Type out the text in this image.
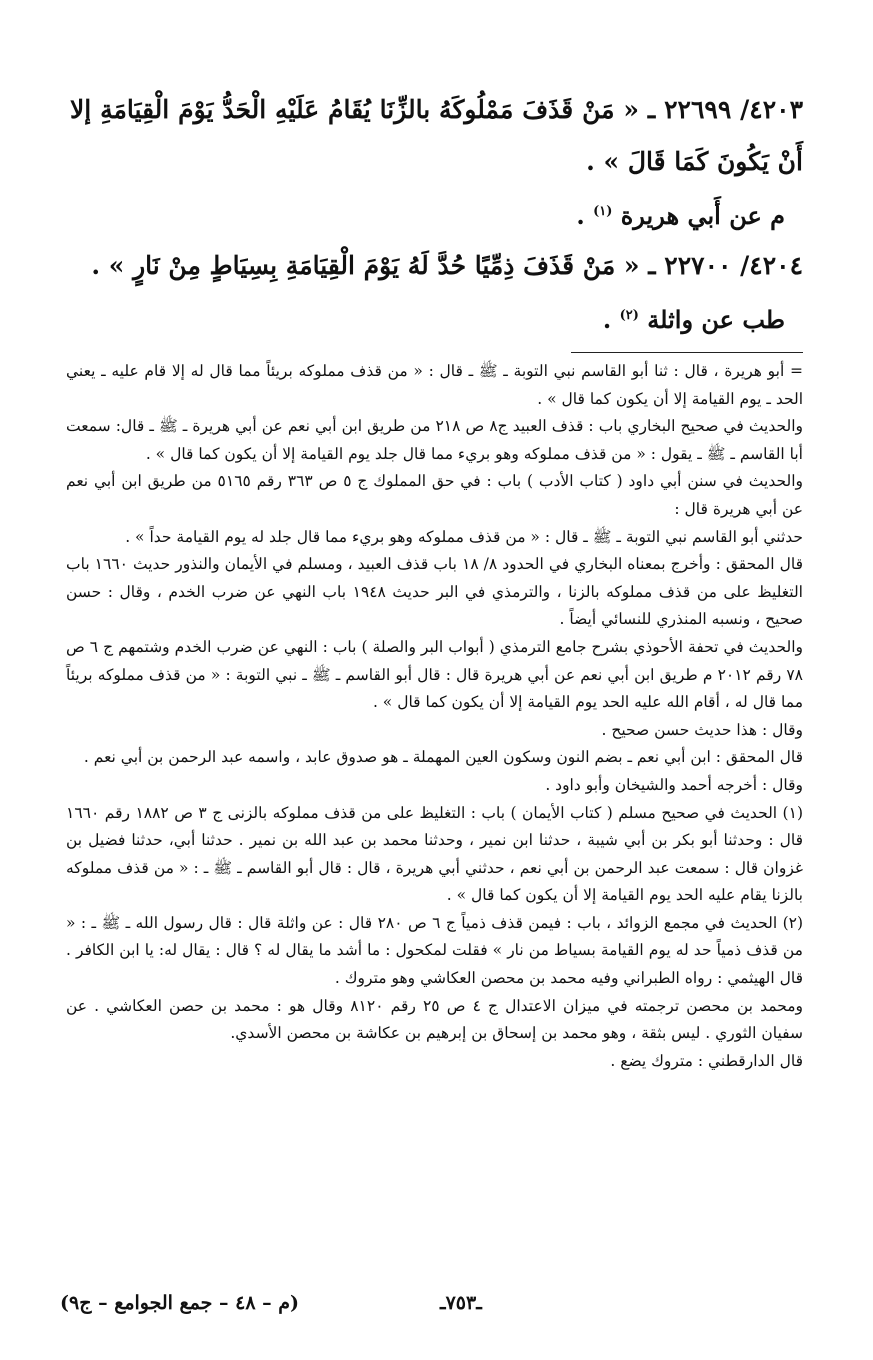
٤٢٠٣/ ٢٢٦٩٩ ـ « مَنْ قَذَفَ مَمْلُوكَهُ بالزِّنَا يُقَامُ عَلَيْهِ الْحَدُّ يَوْمَ الْقِيَامَةِ إلا أَنْ يَكُونَ كَمَا قَالَ » .

م عن أَبي هريرة $^{(١)}$ .

٤٢٠٤/ ٢٢٧٠٠ ـ « مَنْ قَذَفَ ذِمِّيًا حُدَّ لَهُ يَوْمَ الْقِيَامَةِ بِسِيَاطٍ مِنْ نَارٍ » .

طب عن واثلة $^{(٢)}$ .

= أبو هريرة ، قال : ثنا أبو القاسم نبي التوبة ـ ﷺ ـ قال : « من قذف مملوكه بريئاً مما قال له إلا قام عليه ـ يعني الحد ـ يوم القيامة إلا أن يكون كما قال » .

والحديث في صحيح البخاري باب : قذف العبيد ج٨ ص ٢١٨ من طريق ابن أبي نعم عن أبي هريرة ـ ﷺ ـ قال: سمعت أبا القاسم ـ ﷺ ـ يقول : « من قذف مملوكه وهو بريء مما قال جلد يوم القيامة إلا أن يكون كما قال » .

والحديث في سنن أبي داود ( كتاب الأدب ) باب : في حق المملوك ج ٥ ص ٣٦٣ رقم ٥١٦٥ من طريق ابن أبي نعم عن أبي هريرة قال :

حدثني أبو القاسم نبي التوبة ـ ﷺ ـ قال : « من قذف مملوكه وهو بريء مما قال جلد له يوم القيامة حداً » .

قال المحقق : وأخرج بمعناه البخاري في الحدود ٨/ ١٨ باب قذف العبيد ، ومسلم في الأيمان والنذور حديث ١٦٦٠ باب التغليظ على من قذف مملوكه بالزنا ، والترمذي في البر حديث ١٩٤٨ باب النهي عن ضرب الخدم ، وقال : حسن صحيح ، ونسبه المنذري للنسائي أيضاً .

والحديث في تحفة الأحوذي بشرح جامع الترمذي ( أبواب البر والصلة ) باب : النهي عن ضرب الخدم وشتمهم ج ٦ ص ٧٨ رقم ٢٠١٢ م طريق ابن أبي نعم عن أبي هريرة قال : قال أبو القاسم ـ ﷺ ـ نبي التوبة : « من قذف مملوكه بريئاً مما قال له ، أقام الله عليه الحد يوم القيامة إلا أن يكون كما قال » .

وقال : هذا حديث حسن صحيح .

قال المحقق : ابن أبي نعم ـ بضم النون وسكون العين المهملة ـ هو صدوق عابد ، واسمه عبد الرحمن بن أبي نعم .

وقال : أخرجه أحمد والشيخان وأبو داود .

(١) الحديث في صحيح مسلم ( كتاب الأيمان ) باب : التغليظ على من قذف مملوكه بالزنى ج ٣ ص ١٨٨٢ رقم ١٦٦٠ قال : وحدثنا أبو بكر بن أبي شيبة ، حدثنا ابن نمير ، وحدثنا محمد بن عبد الله بن نمير . حدثنا أبي، حدثنا فضيل بن غزوان قال : سمعت عبد الرحمن بن أبي نعم ، حدثني أبي هريرة ، قال : قال أبو القاسم ـ ﷺ ـ : « من قذف مملوكه بالزنا يقام عليه الحد يوم القيامة إلا أن يكون كما قال » .

(٢) الحديث في مجمع الزوائد ، باب : فيمن قذف ذمياً ج ٦ ص ٢٨٠ قال : عن واثلة قال : قال رسول الله ـ ﷺ ـ : « من قذف ذمياً حد له يوم القيامة بسياط من نار » فقلت لمكحول : ما أشد ما يقال له ؟ قال : يقال له: يا ابن الكافر . قال الهيثمي : رواه الطبراني وفيه محمد بن محصن العكاشي وهو متروك .

ومحمد بن محصن ترجمته في ميزان الاعتدال ج ٤ ص ٢٥ رقم ٨١٢٠ وقال هو : محمد بن حصن العكاشي . عن سفيان الثوري . ليس بثقة ، وهو محمد بن إسحاق بن إبرهيم بن عكاشة بن محصن الأسدي.

قال الدارقطني : متروك يضع .

ـ٧٥٣ـ
(م – ٤٨ – جمع الجوامع – ج٩)
